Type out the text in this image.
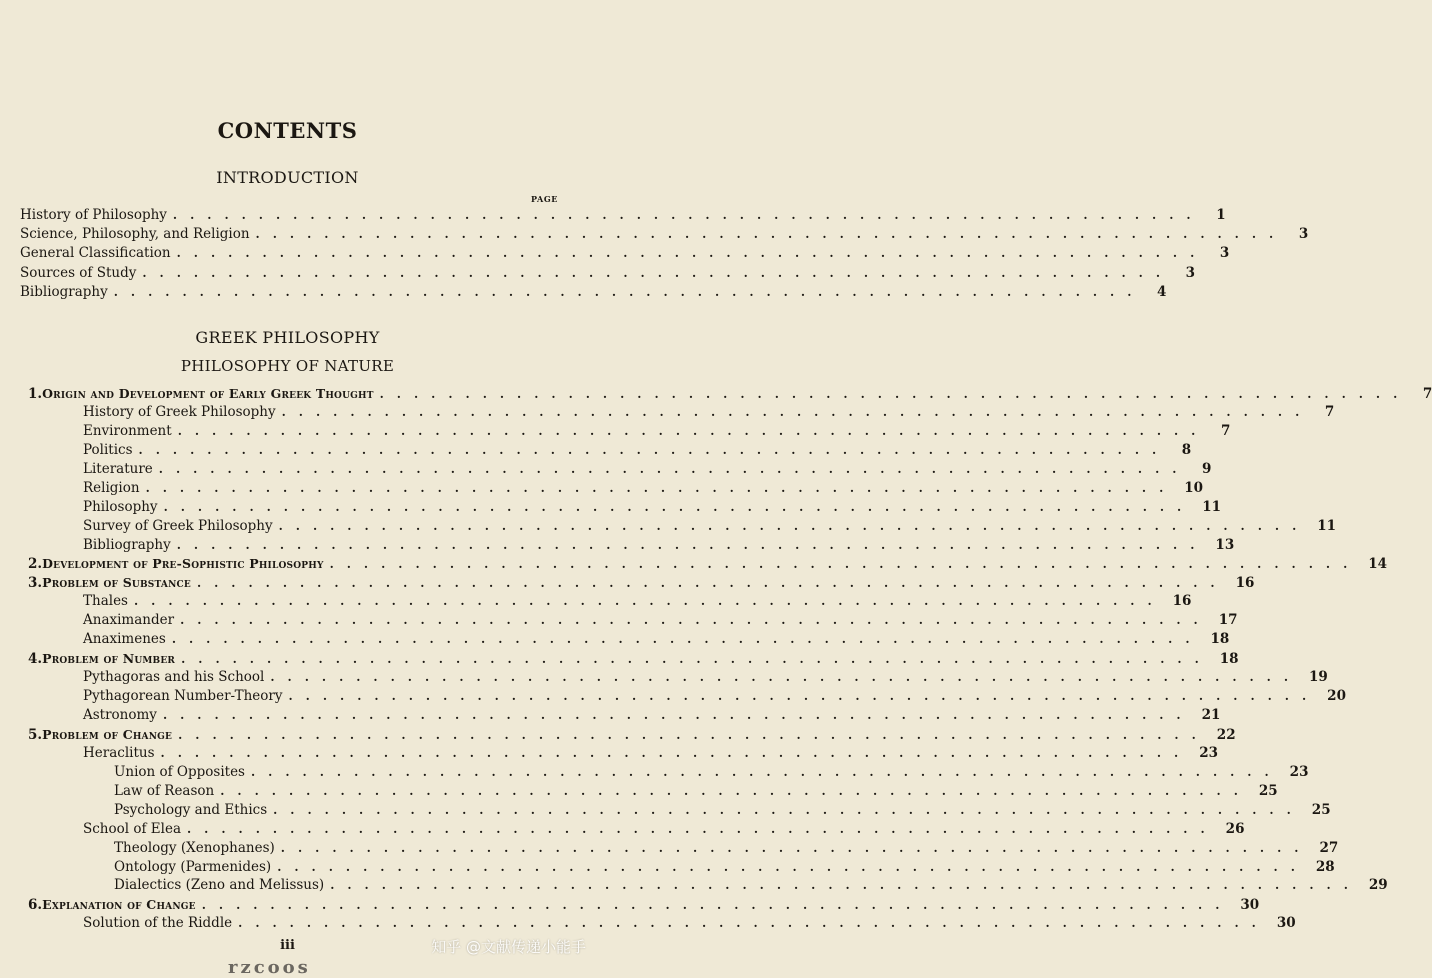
CONTENTS
INTRODUCTION
PAGE
History of Philosophy ............................................................ 1
Science, Philosophy, and Religion ............................................................ 3
General Classification ............................................................ 3
Sources of Study ............................................................ 3
Bibliography ............................................................ 4
GREEK PHILOSOPHY
PHILOSOPHY OF NATURE
1. Origin and Development of Early Greek Thought ............................................................ 7
History of Greek Philosophy ............................................................ 7
Environment ............................................................ 7
Politics ............................................................ 8
Literature ............................................................ 9
Religion ............................................................ 10
Philosophy ............................................................ 11
Survey of Greek Philosophy ............................................................ 11
Bibliography ............................................................ 13
2. Development of Pre-Sophistic Philosophy ............................................................ 14
3. Problem of Substance ............................................................ 16
Thales ............................................................ 16
Anaximander ............................................................ 17
Anaximenes ............................................................ 18
4. Problem of Number ............................................................ 18
Pythagoras and his School ............................................................ 19
Pythagorean Number-Theory ............................................................ 20
Astronomy ............................................................ 21
5. Problem of Change ............................................................ 22
Heraclitus ............................................................ 23
Union of Opposites ............................................................ 23
Law of Reason ............................................................ 25
Psychology and Ethics ............................................................ 25
School of Elea ............................................................ 26
Theology (Xenophanes) ............................................................ 27
Ontology (Parmenides) ............................................................ 28
Dialectics (Zeno and Melissus) ............................................................ 29
6. Explanation of Change ............................................................ 30
Solution of the Riddle ............................................................ 30
iii
rzcoos
知乎 @文献传递小能手
